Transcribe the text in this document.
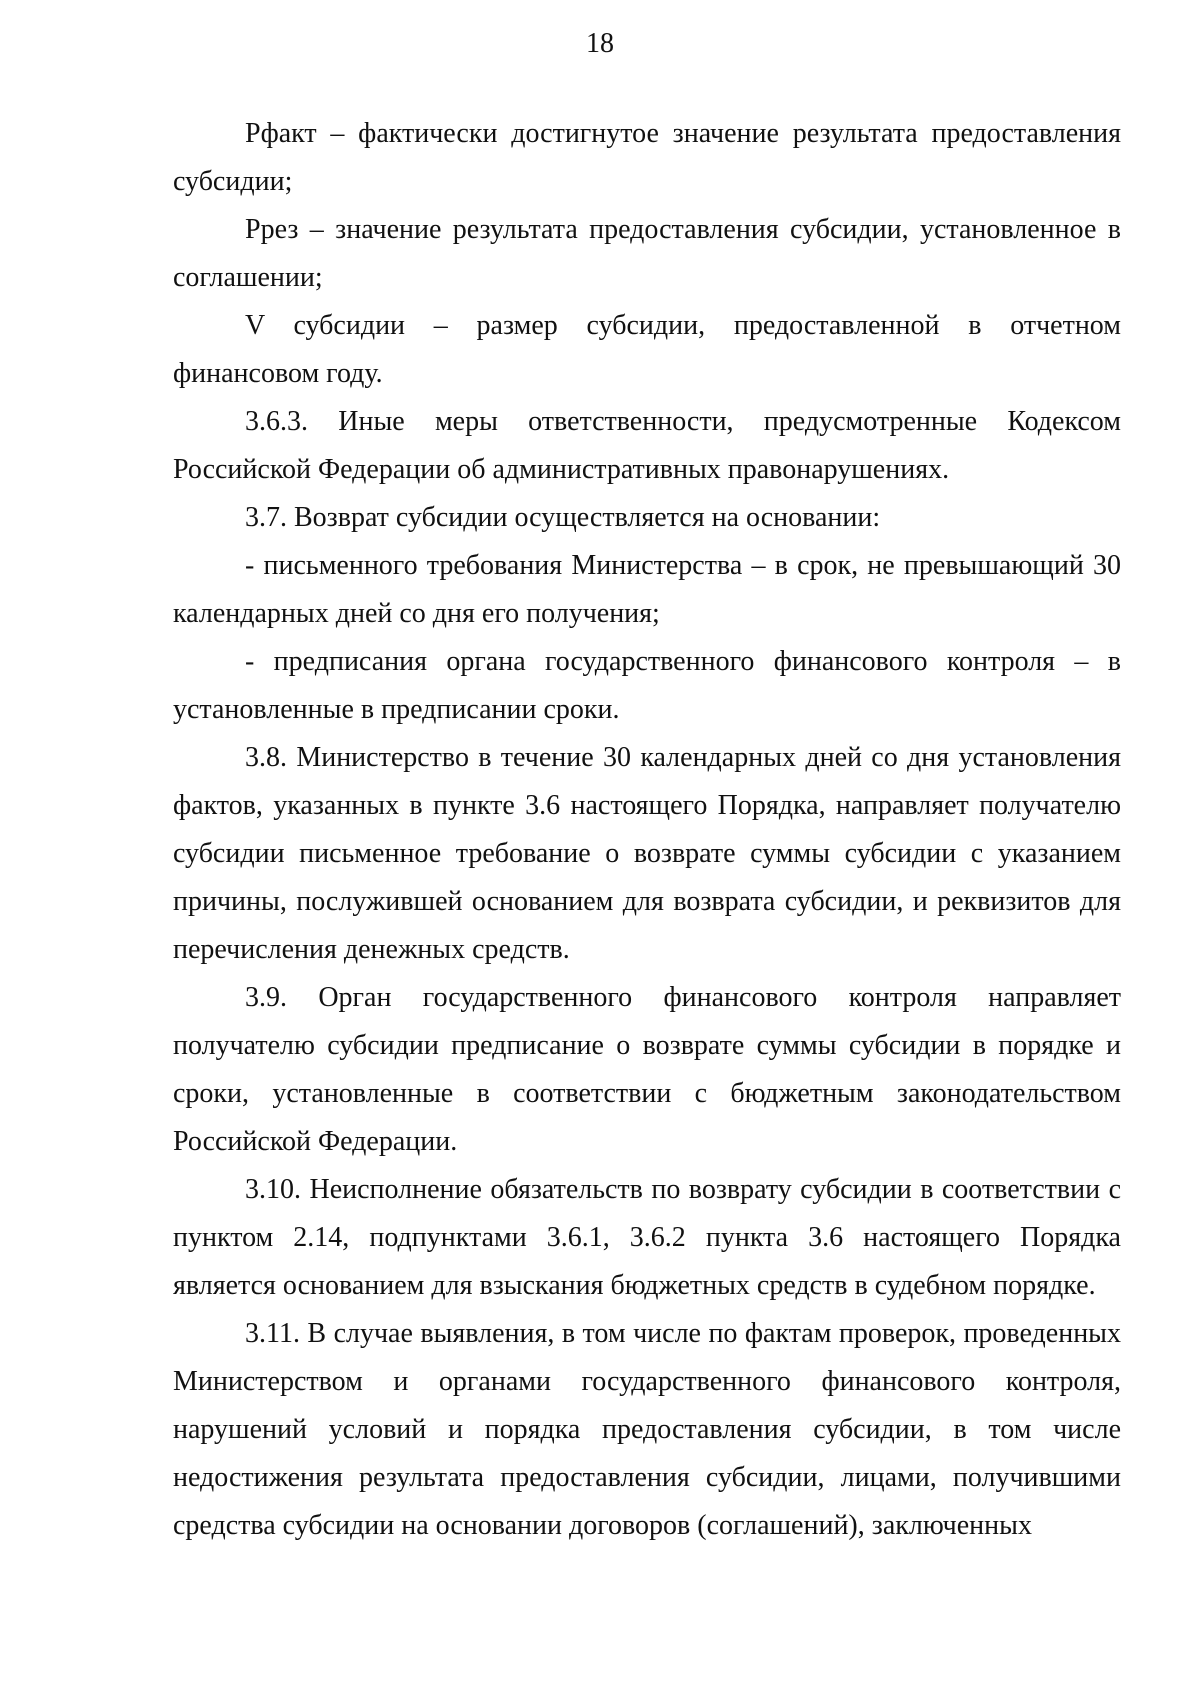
18

Рфакт – фактически достигнутое значение результата предоставления субсидии;

Ррез – значение результата предоставления субсидии, установленное в соглашении;

V субсидии – размер субсидии, предоставленной в отчетном финансовом году.

3.6.3. Иные меры ответственности, предусмотренные Кодексом Российской Федерации об административных правонарушениях.

3.7. Возврат субсидии осуществляется на основании:

- письменного требования Министерства – в срок, не превышающий 30 календарных дней со дня его получения;

- предписания органа государственного финансового контроля – в установленные в предписании сроки.

3.8. Министерство в течение 30 календарных дней со дня установления фактов, указанных в пункте 3.6 настоящего Порядка, направляет получателю субсидии письменное требование о возврате суммы субсидии с указанием причины, послужившей основанием для возврата субсидии, и реквизитов для перечисления денежных средств.

3.9. Орган государственного финансового контроля направляет получателю субсидии предписание о возврате суммы субсидии в порядке и сроки, установленные в соответствии с бюджетным законодательством Российской Федерации.

3.10. Неисполнение обязательств по возврату субсидии в соответствии с пунктом 2.14, подпунктами 3.6.1, 3.6.2 пункта 3.6 настоящего Порядка является основанием для взыскания бюджетных средств в судебном порядке.

3.11. В случае выявления, в том числе по фактам проверок, проведенных Министерством и органами государственного финансового контроля, нарушений условий и порядка предоставления субсидии, в том числе недостижения результата предоставления субсидии, лицами, получившими средства субсидии на основании договоров (соглашений), заключенных
